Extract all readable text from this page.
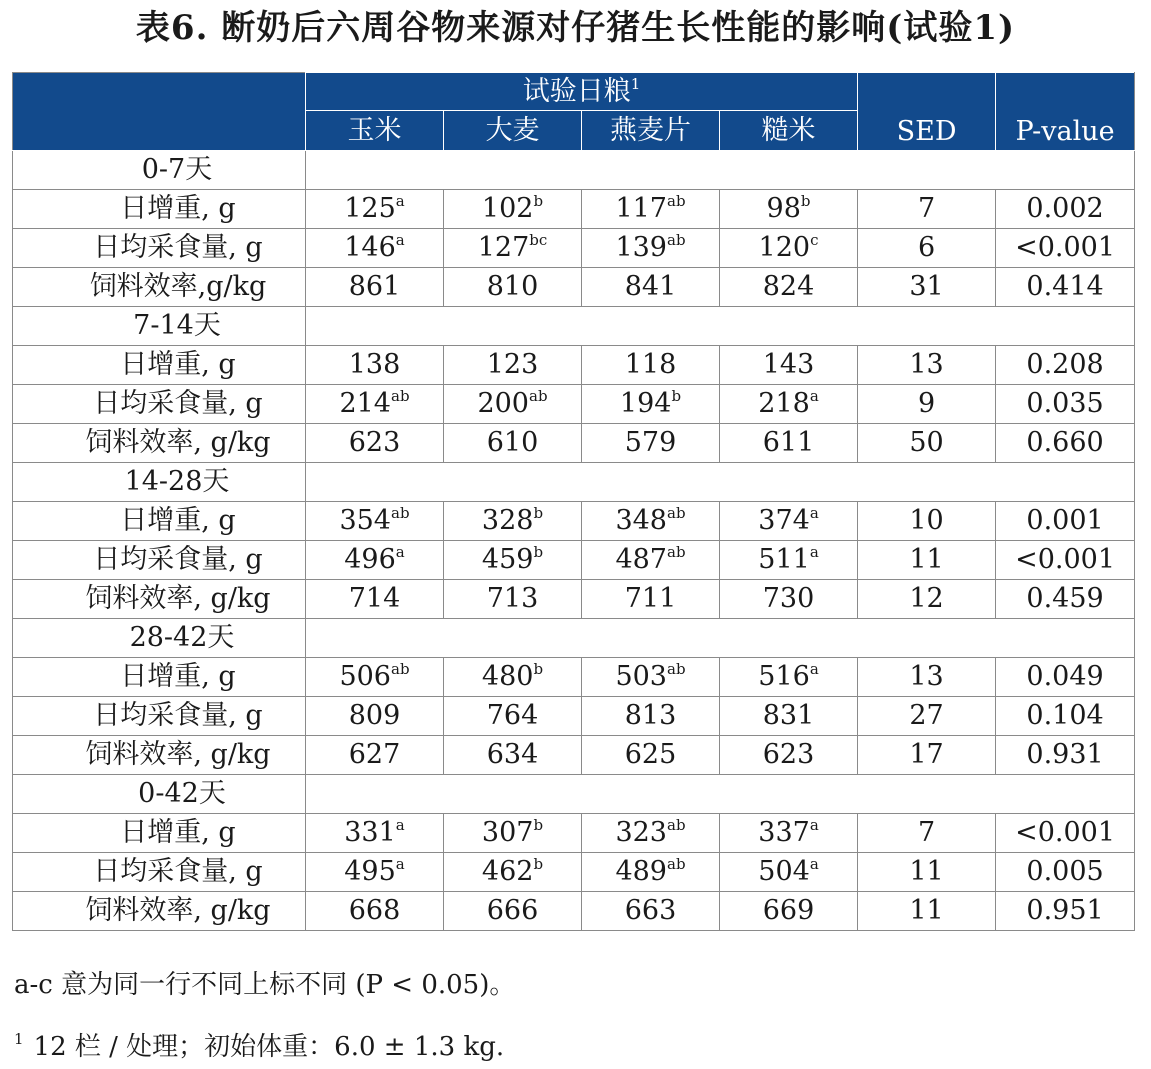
表6. 断奶后六周谷物来源对仔猪生长性能的影响(试验1)
	试验日粮$^1$				SED	P-value
	玉米	大麦	燕麦片	糙米		
0-7天						
日增重, g	125$^a$	102$^b$	$117^{ab}$	98$^b$	7	0.002
日均采食量, g	146$^a$	$127^{bc}$	$139^{ab}$	120$^c$	6	<0.001
饲料效率,g/kg	861	810	841	824	31	0.414
7-14天						
日增重, g	138	123	118	143	13	0.208
日均采食量, g	$214^{ab}$	$200^{ab}$	194$^b$	218$^a$	9	0.035
饲料效率, g/kg	623	610	579	611	50	0.660
14-28天						
日增重, g	$354^{ab}$	328$^b$	$348^{ab}$	374$^a$	10	0.001
日均采食量, g	496$^a$	459$^b$	$487^{ab}$	511$^a$	11	<0.001
饲料效率, g/kg	714	713	711	730	12	0.459
28-42天						
日增重, g	$506^{ab}$	480$^b$	$503^{ab}$	516$^a$	13	0.049
日均采食量, g	809	764	813	831	27	0.104
饲料效率, g/kg	627	634	625	623	17	0.931
0-42天						
日增重, g	331$^a$	307$^b$	$323^{ab}$	337$^a$	7	<0.001
日均采食量, g	495$^a$	462$^b$	$489^{ab}$	504$^a$	11	0.005
饲料效率, g/kg	668	666	663	669	11	0.951
a-c 意为同一行不同上标不同 (P < 0.05)。
$^1$ 12 栏 / 处理；初始体重：6.0 ± 1.3 kg.
